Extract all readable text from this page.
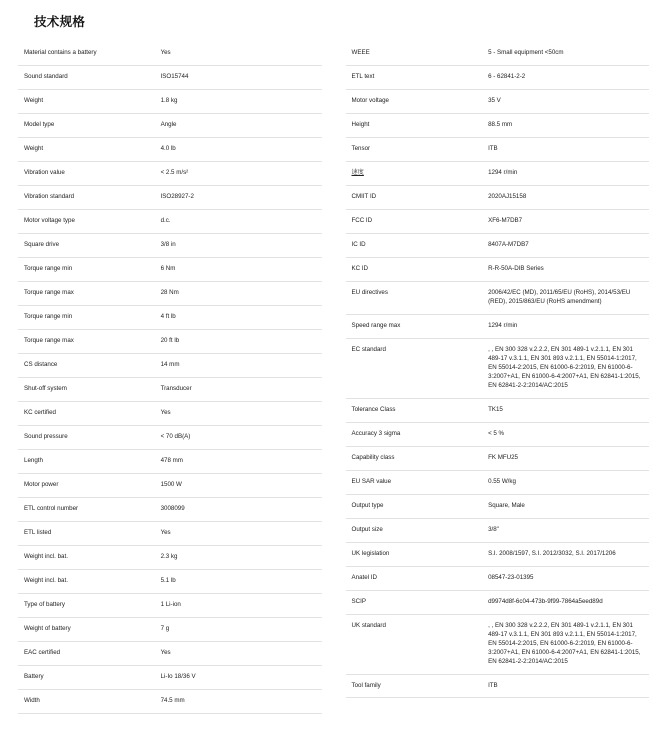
技术规格
Material contains a battery	Yes
Sound standard	ISO15744
Weight	1.8 kg
Model type	Angle
Weight	4.0 lb
Vibration value	< 2.5 m/s²
Vibration standard	ISO28927-2
Motor voltage type	d.c.
Square drive	3/8 in
Torque range min	6 Nm
Torque range max	28 Nm
Torque range min	4 ft lb
Torque range max	20 ft lb
CS distance	14 mm
Shut-off system	Transducer
KC certified	Yes
Sound pressure	< 70 dB(A)
Length	478 mm
Motor power	1500 W
ETL control number	3008099
ETL listed	Yes
Weight incl. bat.	2.3 kg
Weight incl. bat.	5.1 lb
Type of battery	1 Li-ion
Weight of battery	7 g
EAC certified	Yes
Battery	Li-Io 18/36 V
Width	74.5 mm
WEEE	5 - Small equipment <50cm
ETL text	6 - 62841-2-2
Motor voltage	35 V
Height	88.5 mm
Tensor	ITB
速度	1294 r/min
CMIIT ID	2020AJ15158
FCC ID	XF6-M7DB7
IC ID	8407A-M7DB7
KC ID	R-R-50A-DIB Series
EU directives	2006/42/EC (MD), 2011/65/EU (RoHS), 2014/53/EU (RED), 2015/863/EU (RoHS amendment)
Speed range max	1294 r/min
EC standard	, , EN 300 328 v.2.2.2, EN 301 489-1 v.2.1.1, EN 301 489-17 v.3.1.1, EN 301 893 v.2.1.1, EN 55014-1:2017, EN 55014-2:2015, EN 61000-6-2:2019, EN 61000-6-3:2007+A1, EN 61000-6-4:2007+A1, EN 62841-1:2015, EN 62841-2-2:2014/AC:2015
Tolerance Class	TK15
Accuracy 3 sigma	< 5 %
Capability class	FK MFU25
EU SAR value	0.55 W/kg
Output type	Square, Male
Output size	3/8"
UK legislation	S.I. 2008/1597, S.I. 2012/3032, S.I. 2017/1206
Anatel ID	08547-23-01395
SCIP	d9974d8f-6c04-473b-9f99-7864a5eed89d
UK standard	, , EN 300 328 v.2.2.2, EN 301 489-1 v.2.1.1, EN 301 489-17 v.3.1.1, EN 301 893 v.2.1.1, EN 55014-1:2017, EN 55014-2:2015, EN 61000-6-2:2019, EN 61000-6-3:2007+A1, EN 61000-6-4:2007+A1, EN 62841-1:2015, EN 62841-2-2:2014/AC:2015
Tool family	ITB
